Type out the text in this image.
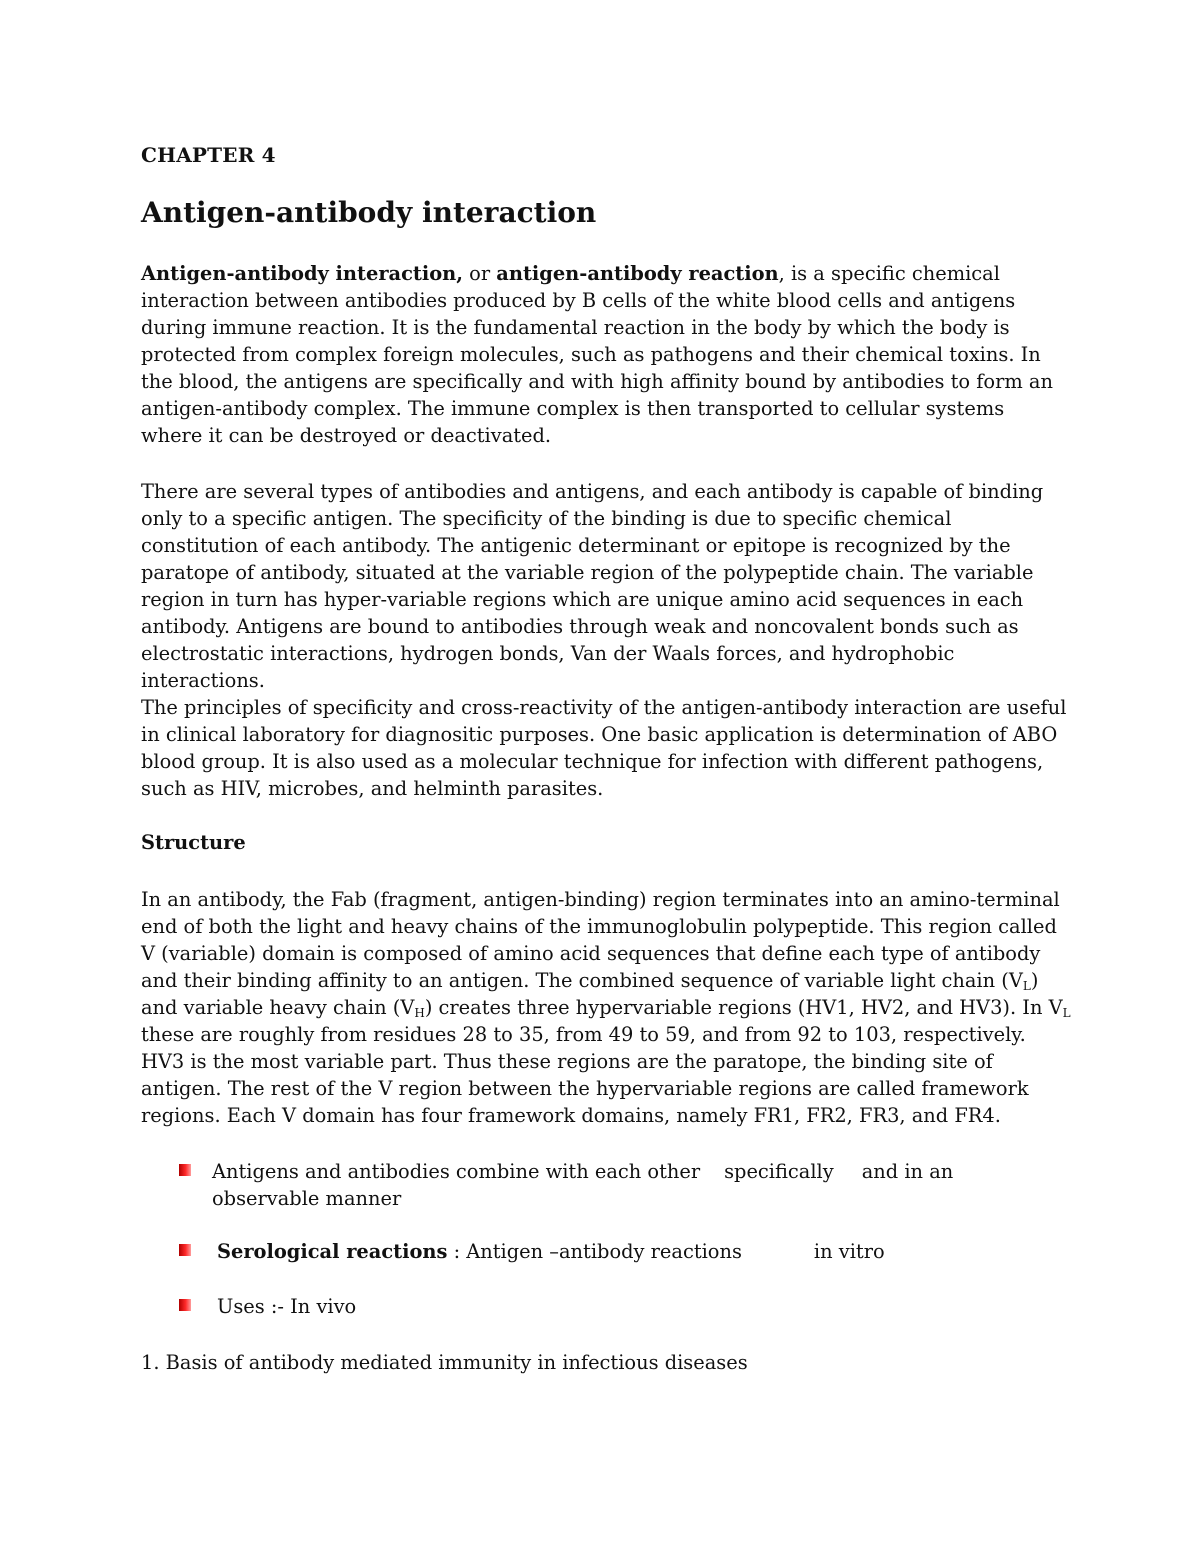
CHAPTER 4
Antigen-antibody interaction

Antigen-antibody interaction, or antigen-antibody reaction, is a specific chemical interaction between antibodies produced by B cells of the white blood cells and antigens during immune reaction. It is the fundamental reaction in the body by which the body is protected from complex foreign molecules, such as pathogens and their chemical toxins. In the blood, the antigens are specifically and with high affinity bound by antibodies to form an antigen-antibody complex. The immune complex is then transported to cellular systems where it can be destroyed or deactivated.

There are several types of antibodies and antigens, and each antibody is capable of binding only to a specific antigen. The specificity of the binding is due to specific chemical constitution of each antibody. The antigenic determinant or epitope is recognized by the paratope of antibody, situated at the variable region of the polypeptide chain. The variable region in turn has hyper-variable regions which are unique amino acid sequences in each antibody. Antigens are bound to antibodies through weak and noncovalent bonds such as electrostatic interactions, hydrogen bonds, Van der Waals forces, and hydrophobic interactions.

The principles of specificity and cross-reactivity of the antigen-antibody interaction are useful in clinical laboratory for diagnositic purposes. One basic application is determination of ABO blood group. It is also used as a molecular technique for infection with different pathogens, such as HIV, microbes, and helminth parasites.

Structure

In an antibody, the Fab (fragment, antigen-binding) region terminates into an amino-terminal end of both the light and heavy chains of the immunoglobulin polypeptide. This region called V (variable) domain is composed of amino acid sequences that define each type of antibody and their binding affinity to an antigen. The combined sequence of variable light chain $(V_L)$ and variable heavy chain $(V_H)$ creates three hypervariable regions (HV1, HV2, and HV3). In $V_L$ these are roughly from residues 28 to 35, from 49 to 59, and from 92 to 103, respectively. HV3 is the most variable part. Thus these regions are the paratope, the binding site of antigen. The rest of the V region between the hypervariable regions are called framework regions. Each V domain has four framework domains, namely FR1, FR2, FR3, and FR4.

Antigens and antibodies combine with each other specifically and in an observable manner
Serological reactions : Antigen –antibody reactions	in vitro
Uses :- In vivo
1. Basis of antibody mediated immunity in infectious diseases
